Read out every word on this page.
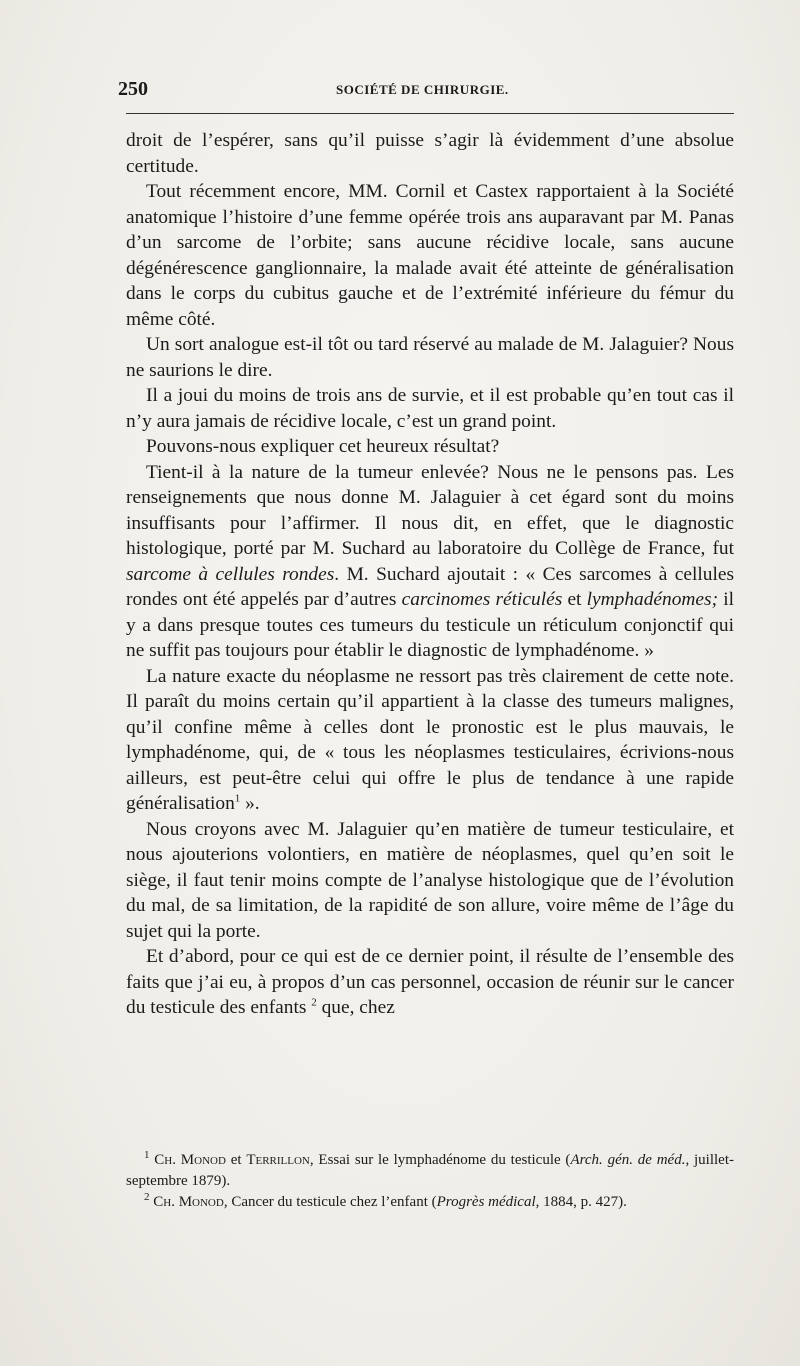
250	SOCIÉTÉ DE CHIRURGIE.

droit de l’espérer, sans qu’il puisse s’agir là évidemment d’une absolue certitude.

Tout récemment encore, MM. Cornil et Castex rapportaient à la Société anatomique l’histoire d’une femme opérée trois ans auparavant par M. Panas d’un sarcome de l’orbite; sans aucune récidive locale, sans aucune dégénérescence ganglionnaire, la malade avait été atteinte de généralisation dans le corps du cubitus gauche et de l’extrémité inférieure du fémur du même côté.

Un sort analogue est-il tôt ou tard réservé au malade de M. Jalaguier? Nous ne saurions le dire.

Il a joui du moins de trois ans de survie, et il est probable qu’en tout cas il n’y aura jamais de récidive locale, c’est un grand point.

Pouvons-nous expliquer cet heureux résultat?

Tient-il à la nature de la tumeur enlevée? Nous ne le pensons pas. Les renseignements que nous donne M. Jalaguier à cet égard sont du moins insuffisants pour l’affirmer. Il nous dit, en effet, que le diagnostic histologique, porté par M. Suchard au laboratoire du Collège de France, fut sarcome à cellules rondes. M. Suchard ajoutait : « Ces sarcomes à cellules rondes ont été appelés par d’autres carcinomes réticulés et lymphadénomes; il y a dans presque toutes ces tumeurs du testicule un réticulum conjonctif qui ne suffit pas toujours pour établir le diagnostic de lymphadénome. »

La nature exacte du néoplasme ne ressort pas très clairement de cette note. Il paraît du moins certain qu’il appartient à la classe des tumeurs malignes, qu’il confine même à celles dont le pronostic est le plus mauvais, le lymphadénome, qui, de « tous les néoplasmes testiculaires, écrivions-nous ailleurs, est peut-être celui qui offre le plus de tendance à une rapide généralisation$^1$ ».

Nous croyons avec M. Jalaguier qu’en matière de tumeur testiculaire, et nous ajouterions volontiers, en matière de néoplasmes, quel qu’en soit le siège, il faut tenir moins compte de l’analyse histologique que de l’évolution du mal, de sa limitation, de la rapidité de son allure, voire même de l’âge du sujet qui la porte.

Et d’abord, pour ce qui est de ce dernier point, il résulte de l’ensemble des faits que j’ai eu, à propos d’un cas personnel, occasion de réunir sur le cancer du testicule des enfants $^2$ que, chez

$^1$ Ch. Monod et Terrillon, Essai sur le lymphadénome du testicule (Arch. gén. de méd., juillet-septembre 1879).

$^2$ Ch. Monod, Cancer du testicule chez l’enfant (Progrès médical, 1884, p. 427).
